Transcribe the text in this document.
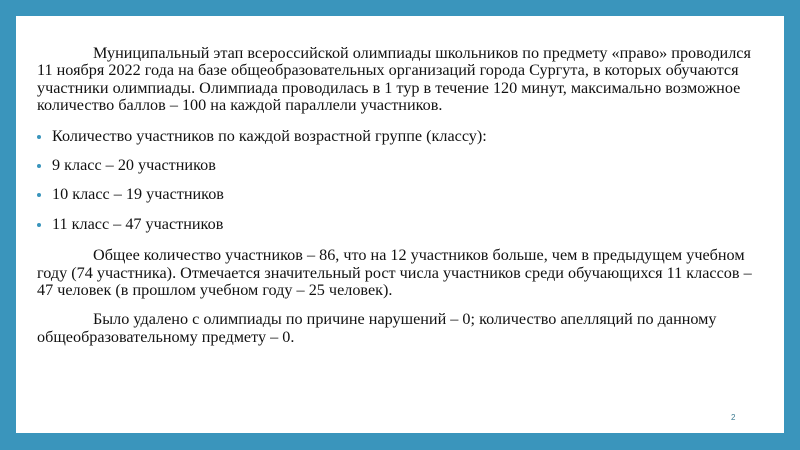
Муниципальный этап всероссийской олимпиады школьников по предмету «право» проводился 11 ноября 2022 года на базе общеобразовательных организаций города Сургута, в которых обучаются участники олимпиады. Олимпиада проводилась в 1 тур в течение 120 минут, максимально возможное количество баллов – 100 на каждой параллели участников.

Количество участников по каждой возрастной группе (классу):
9 класс – 20 участников
10 класс – 19 участников
11 класс – 47 участников

Общее количество участников – 86, что на 12 участников больше, чем в предыдущем учебном году (74 участника). Отмечается значительный рост числа участников среди обучающихся 11 классов – 47 человек (в прошлом учебном году – 25 человек).

Было удалено с олимпиады по причине нарушений – 0; количество апелляций по данному общеобразовательному предмету – 0.

2
